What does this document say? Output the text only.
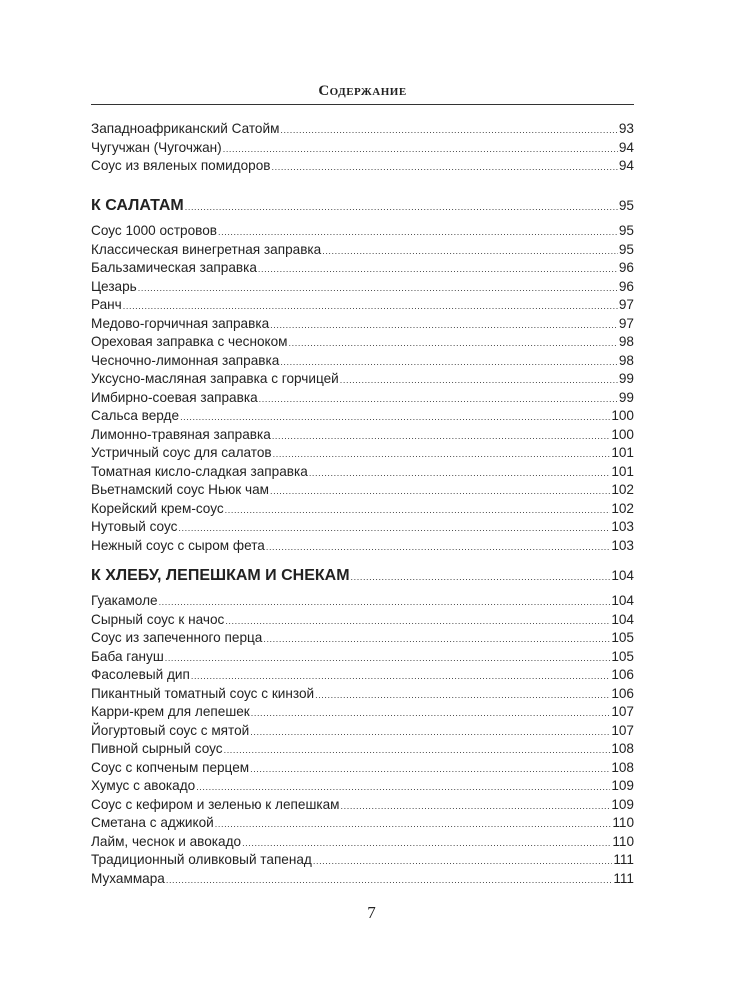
Содержание
Западноафриканский Сатойм .....	93
Чугучжан (Чугочжан) .....	94
Соус из вяленых помидоров .....	94
К САЛАТАМ .....	95
Соус 1000 островов .....	95
Классическая винегретная заправка .....	95
Бальзамическая заправка .....	96
Цезарь .....	96
Ранч .....	97
Медово-горчичная заправка .....	97
Ореховая заправка с чесноком .....	98
Чесночно-лимонная заправка .....	98
Уксусно-масляная заправка с горчицей .....	99
Имбирно-соевая заправка .....	99
Сальса верде .....	100
Лимонно-травяная заправка .....	100
Устричный соус для салатов .....	101
Томатная кисло-сладкая заправка .....	101
Вьетнамский соус Ньюк чам .....	102
Корейский крем-соус .....	102
Нутовый соус .....	103
Нежный соус с сыром фета .....	103
К ХЛЕБУ, ЛЕПЕШКАМ И СНЕКАМ .....	104
Гуакамоле .....	104
Сырный соус к начос .....	104
Соус из запеченного перца .....	105
Баба гануш .....	105
Фасолевый дип .....	106
Пикантный томатный соус с кинзой .....	106
Карри-крем для лепешек .....	107
Йогуртовый соус с мятой .....	107
Пивной сырный соус .....	108
Соус с копченым перцем .....	108
Хумус с авокадо .....	109
Соус с кефиром и зеленью к лепешкам .....	109
Сметана с аджикой .....	110
Лайм, чеснок и авокадо .....	110
Традиционный оливковый тапенад .....	111
Мухаммара .....	111
7
